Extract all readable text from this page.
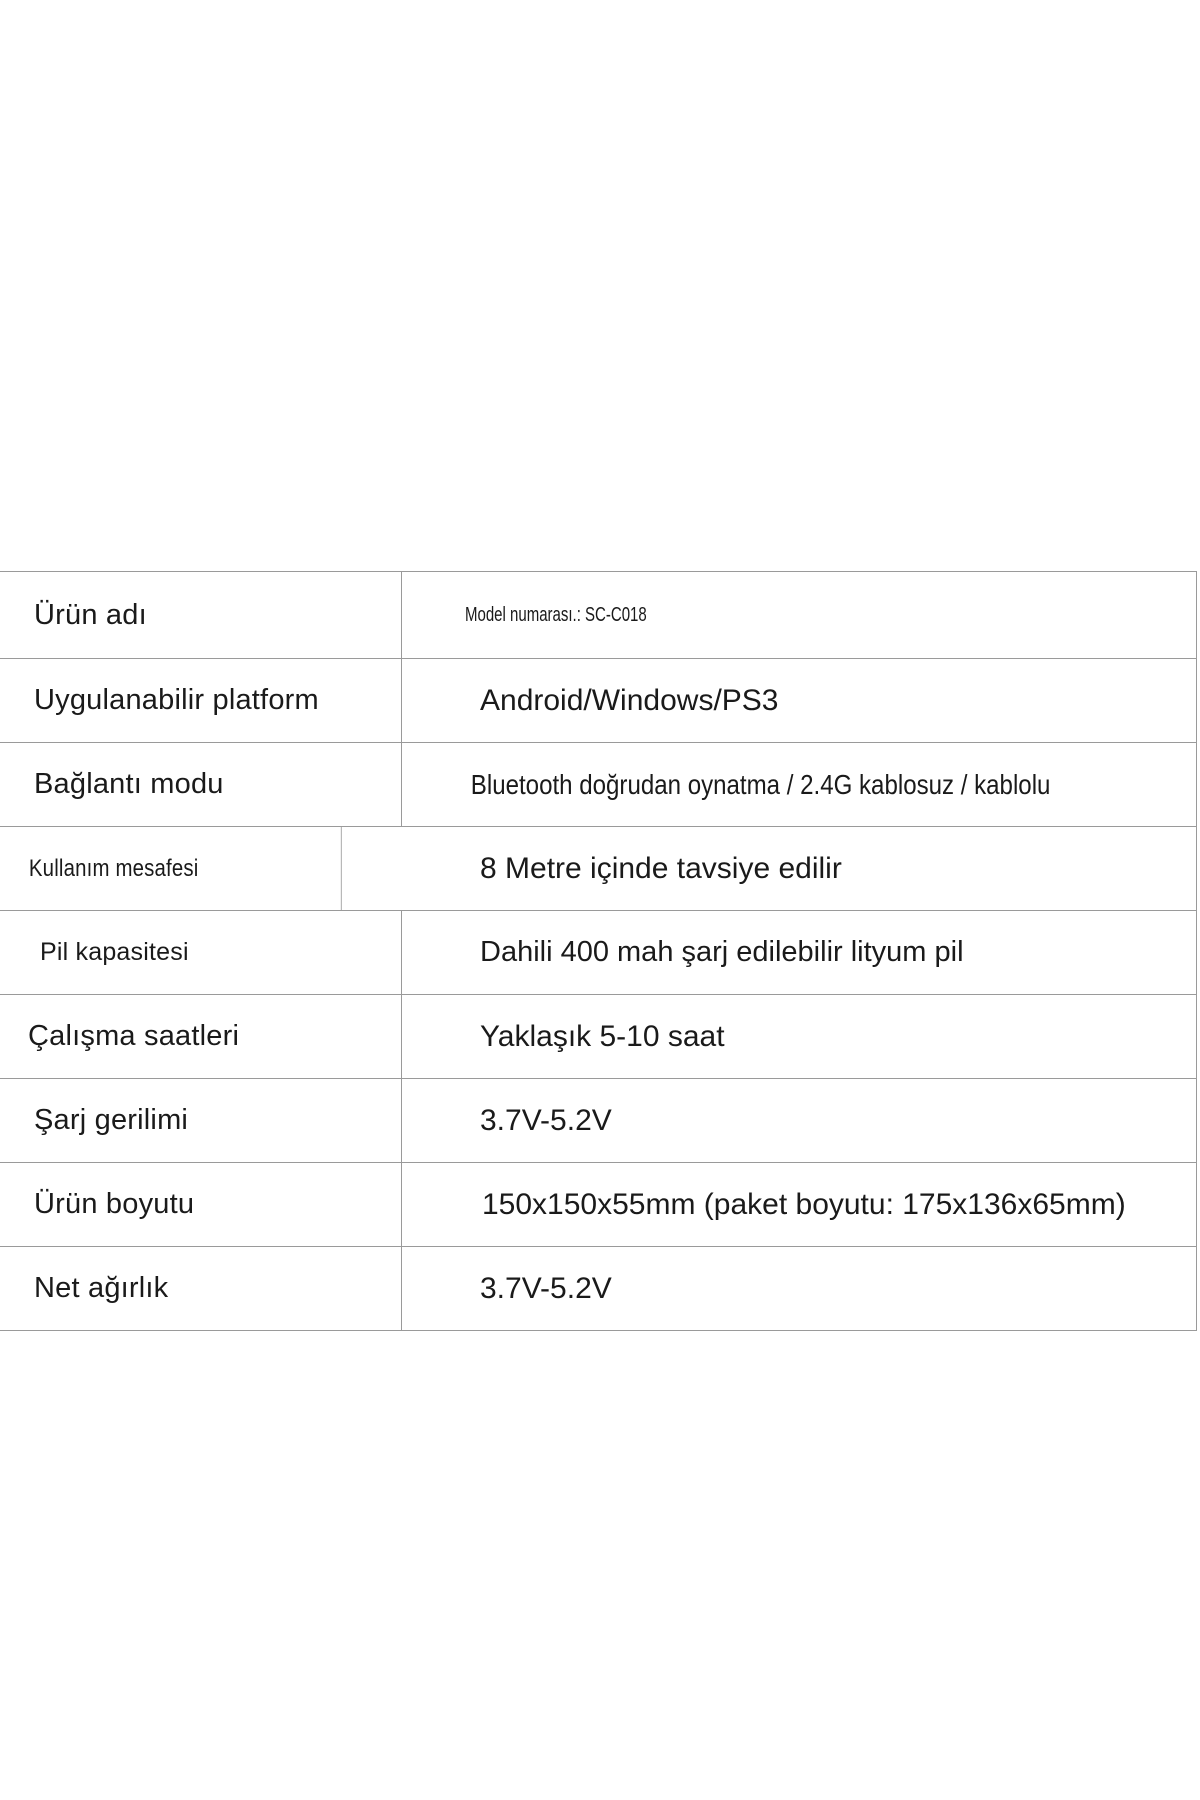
Ürün adı	Model numarası.: SC-C018
Uygulanabilir platform	Android/Windows/PS3
Bağlantı modu	Bluetooth doğrudan oynatma / 2.4G kablosuz / kablolu
Kullanım mesafesi	8 Metre içinde tavsiye edilir
Pil kapasitesi	Dahili 400 mah şarj edilebilir lityum pil
Çalışma saatleri	Yaklaşık 5-10 saat
Şarj gerilimi	3.7V-5.2V
Ürün boyutu	150x150x55mm (paket boyutu: 175x136x65mm)
Net ağırlık	3.7V-5.2V
